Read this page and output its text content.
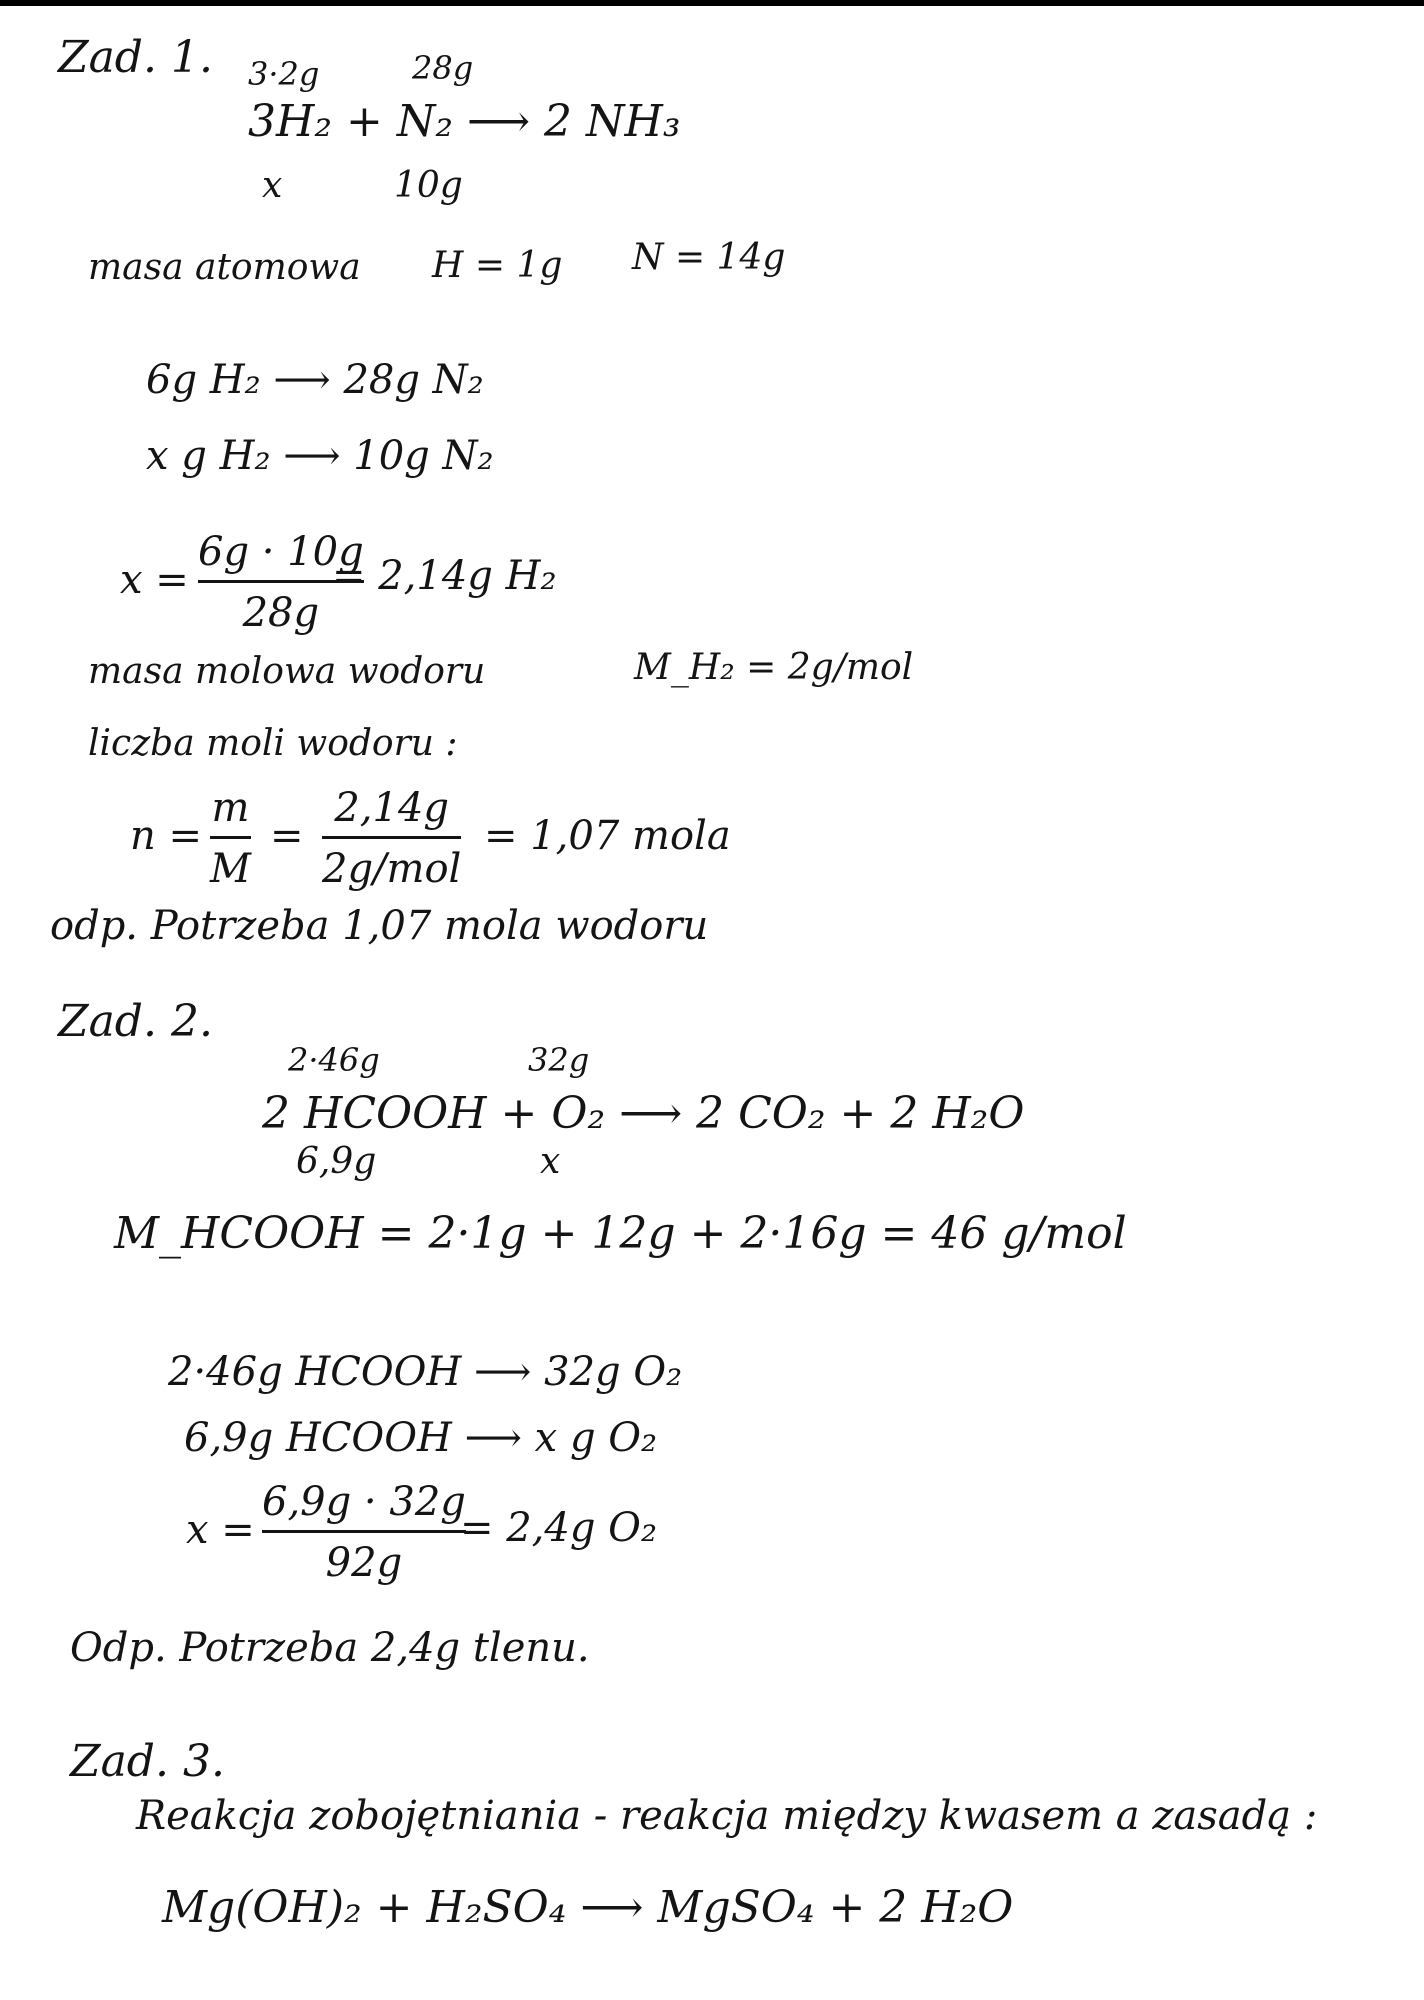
Zad. 1. 3·2g	28g
3H₂ + N₂ ⟶ 2 NH₃
x	10g
masa atomowa H = 1g N = 14g
6g H₂ ⟶ 28g N₂
x g H₂ ⟶ 10g N₂
x =
6g · 10g
28g
= 2,14g H₂
masa molowa wodoru	M_H₂ = 2g/mol
liczba moli wodoru :
n =
m
M
=
2,14g
2g/mol
= 1,07 mola
odp. Potrzeba 1,07 mola wodoru
Zad. 2.
2·46g	32g
2 HCOOH + O₂ ⟶ 2 CO₂ + 2 H₂O
6,9g	x
M_HCOOH = 2·1g + 12g + 2·16g = 46 g/mol
2·46g HCOOH ⟶ 32g O₂
6,9g HCOOH ⟶ x g O₂
x =
6,9g · 32g
92g
= 2,4g O₂
Odp. Potrzeba 2,4g tlenu.
Zad. 3.
Reakcja zobojętniania - reakcja między kwasem a zasadą :
Mg(OH)₂ + H₂SO₄ ⟶ MgSO₄ + 2 H₂O
